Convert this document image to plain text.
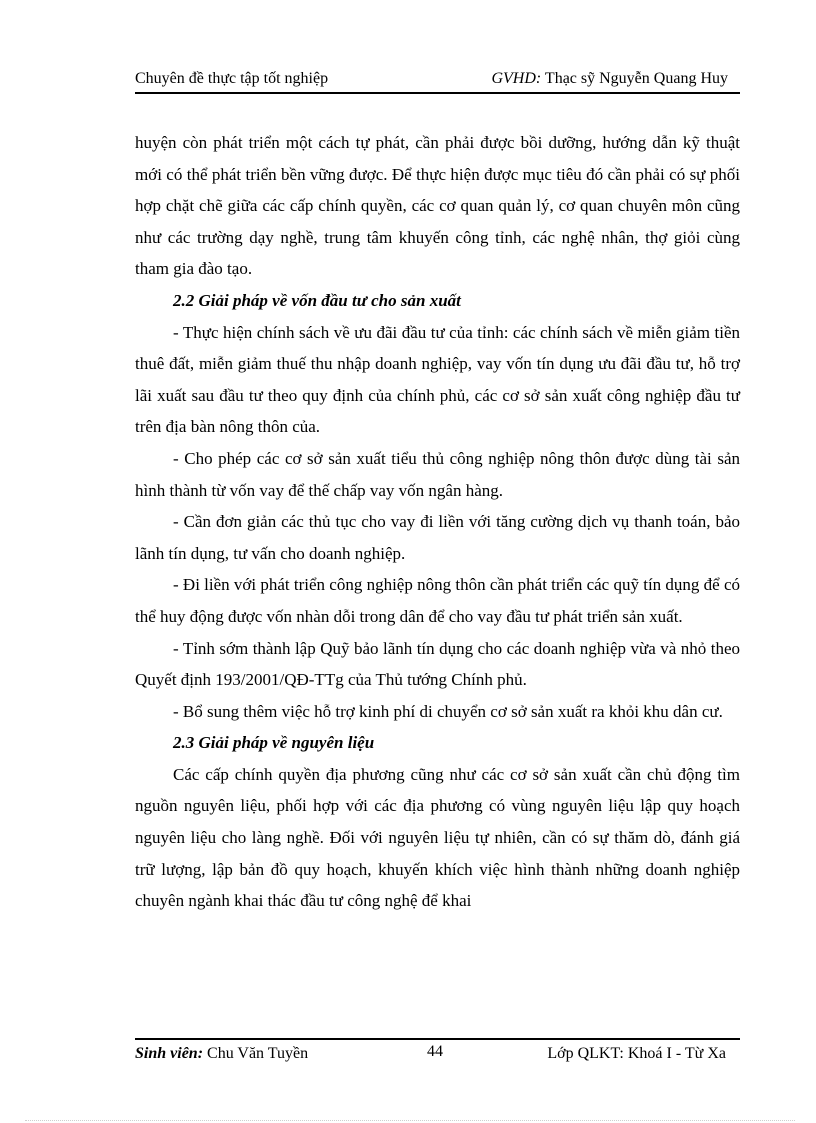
Chuyên đề thực tập tốt nghiệp	GVHD: Thạc sỹ Nguyễn Quang Huy

huyện còn phát triển một cách tự phát, cần phải được bồi dưỡng, hướng dẫn kỹ thuật mới có thể phát triển bền vững được. Để thực hiện được mục tiêu đó cần phải có sự phối hợp chặt chẽ giữa các cấp chính quyền, các cơ quan quản lý, cơ quan chuyên môn cũng như các trường dạy nghề, trung tâm khuyến công tỉnh, các nghệ nhân, thợ giỏi cùng tham gia đào tạo.

2.2 Giải pháp về vốn đầu tư cho sản xuất

- Thực hiện chính sách về ưu đãi đầu tư của tỉnh: các chính sách về miễn giảm tiền thuê đất, miễn giảm thuế thu nhập doanh nghiệp, vay vốn tín dụng ưu đãi đầu tư, hỗ trợ lãi xuất sau đầu tư theo quy định của chính phủ, các cơ sở sản xuất công nghiệp đầu tư trên địa bàn nông thôn của.

- Cho phép các cơ sở sản xuất tiểu thủ công nghiệp nông thôn được dùng tài sản hình thành từ vốn vay để thế chấp vay vốn ngân hàng.

- Cần đơn giản các thủ tục cho vay đi liền với tăng cường dịch vụ thanh toán, bảo lãnh tín dụng, tư vấn cho doanh nghiệp.

- Đi liền với phát triển công nghiệp nông thôn cần phát triển các quỹ tín dụng để có thể huy động được vốn nhàn dỗi trong dân để cho vay đầu tư phát triển sản xuất.

- Tỉnh sớm thành lập Quỹ bảo lãnh tín dụng cho các doanh nghiệp vừa và nhỏ theo Quyết định 193/2001/QĐ-TTg của Thủ tướng Chính phủ.

- Bổ sung thêm việc hỗ trợ kinh phí di chuyển cơ sở sản xuất ra khỏi khu dân cư.

2.3 Giải pháp về nguyên liệu

Các cấp chính quyền địa phương cũng như các cơ sở sản xuất cần chủ động tìm nguồn nguyên liệu, phối hợp với các địa phương có vùng nguyên liệu lập quy hoạch nguyên liệu cho làng nghề. Đối với nguyên liệu tự nhiên, cần có sự thăm dò, đánh giá trữ lượng, lập bản đồ quy hoạch, khuyến khích việc hình thành những doanh nghiệp chuyên ngành khai thác đầu tư công nghệ để khai

Sinh viên: Chu Văn Tuyền	44	Lớp QLKT: Khoá I - Từ Xa
